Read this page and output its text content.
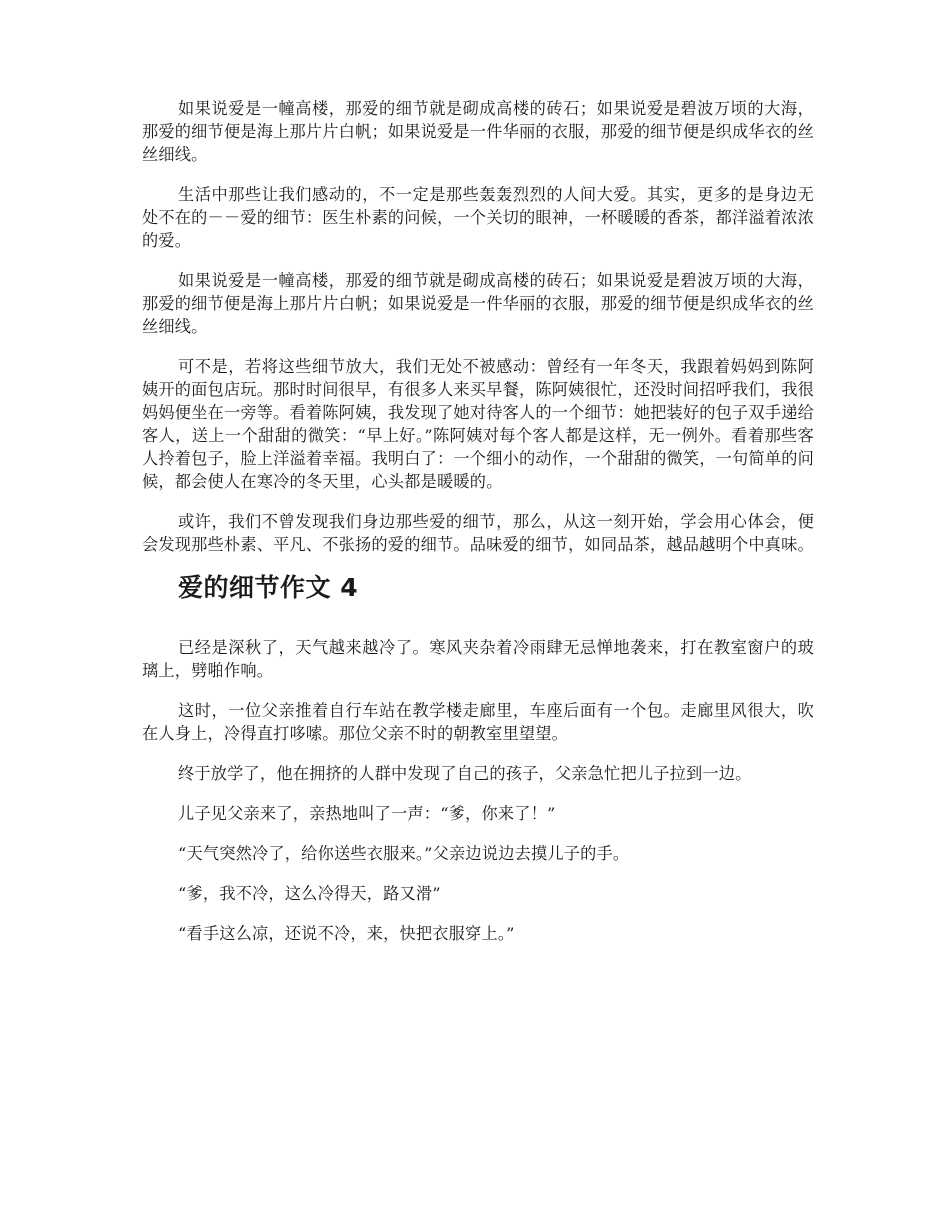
如果说爱是一幢高楼，那爱的细节就是砌成高楼的砖石；如果说爱是碧波万顷的大海，那爱的细节便是海上那片片白帆；如果说爱是一件华丽的衣服，那爱的细节便是织成华衣的丝丝细线。

生活中那些让我们感动的，不一定是那些轰轰烈烈的人间大爱。其实，更多的是身边无处不在的－－爱的细节：医生朴素的问候，一个关切的眼神，一杯暖暖的香茶，都洋溢着浓浓的爱。

如果说爱是一幢高楼，那爱的细节就是砌成高楼的砖石；如果说爱是碧波万顷的大海，那爱的细节便是海上那片片白帆；如果说爱是一件华丽的衣服，那爱的细节便是织成华衣的丝丝细线。

可不是，若将这些细节放大，我们无处不被感动：曾经有一年冬天，我跟着妈妈到陈阿姨开的面包店玩。那时时间很早，有很多人来买早餐，陈阿姨很忙，还没时间招呼我们，我很妈妈便坐在一旁等。看着陈阿姨，我发现了她对待客人的一个细节：她把装好的包子双手递给客人，送上一个甜甜的微笑：“早上好。”陈阿姨对每个客人都是这样，无一例外。看着那些客人拎着包子，脸上洋溢着幸福。我明白了：一个细小的动作，一个甜甜的微笑，一句简单的问候，都会使人在寒冷的冬天里，心头都是暖暖的。

或许，我们不曾发现我们身边那些爱的细节，那么，从这一刻开始，学会用心体会，便会发现那些朴素、平凡、不张扬的爱的细节。品味爱的细节，如同品茶，越品越明个中真味。

爱的细节作文 4

已经是深秋了，天气越来越冷了。寒风夹杂着冷雨肆无忌惮地袭来，打在教室窗户的玻璃上，劈啪作响。

这时，一位父亲推着自行车站在教学楼走廊里，车座后面有一个包。走廊里风很大，吹在人身上，冷得直打哆嗦。那位父亲不时的朝教室里望望。

终于放学了，他在拥挤的人群中发现了自己的孩子，父亲急忙把儿子拉到一边。

儿子见父亲来了，亲热地叫了一声：“爹，你来了！”

“天气突然冷了，给你送些衣服来。”父亲边说边去摸儿子的手。

“爹，我不冷，这么冷得天，路又滑”

“看手这么凉，还说不冷，来，快把衣服穿上。”
